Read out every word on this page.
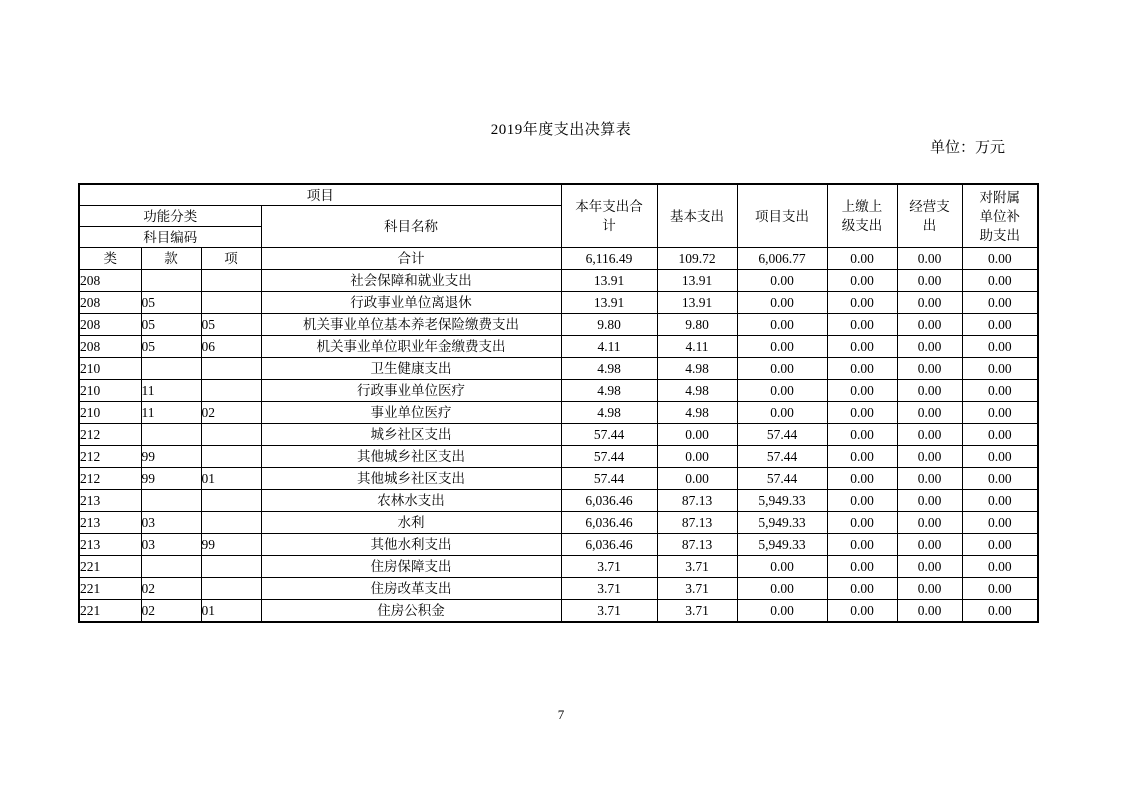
2019年度支出决算表
单位：万元
项目				本年支出合计	基本支出	项目支出	上缴上级支出	经营支出	对附属单位补助支出
功能分类			科目名称						
科目编码									
类	款	项	合计	6,116.49	109.72	6,006.77	0.00	0.00	0.00
208			社会保障和就业支出	13.91	13.91	0.00	0.00	0.00	0.00
208	05		行政事业单位离退休	13.91	13.91	0.00	0.00	0.00	0.00
208	05	05	机关事业单位基本养老保险缴费支出	9.80	9.80	0.00	0.00	0.00	0.00
208	05	06	机关事业单位职业年金缴费支出	4.11	4.11	0.00	0.00	0.00	0.00
210			卫生健康支出	4.98	4.98	0.00	0.00	0.00	0.00
210	11		行政事业单位医疗	4.98	4.98	0.00	0.00	0.00	0.00
210	11	02	事业单位医疗	4.98	4.98	0.00	0.00	0.00	0.00
212			城乡社区支出	57.44	0.00	57.44	0.00	0.00	0.00
212	99		其他城乡社区支出	57.44	0.00	57.44	0.00	0.00	0.00
212	99	01	其他城乡社区支出	57.44	0.00	57.44	0.00	0.00	0.00
213			农林水支出	6,036.46	87.13	5,949.33	0.00	0.00	0.00
213	03		水利	6,036.46	87.13	5,949.33	0.00	0.00	0.00
213	03	99	其他水利支出	6,036.46	87.13	5,949.33	0.00	0.00	0.00
221			住房保障支出	3.71	3.71	0.00	0.00	0.00	0.00
221	02		住房改革支出	3.71	3.71	0.00	0.00	0.00	0.00
221	02	01	住房公积金	3.71	3.71	0.00	0.00	0.00	0.00
7
